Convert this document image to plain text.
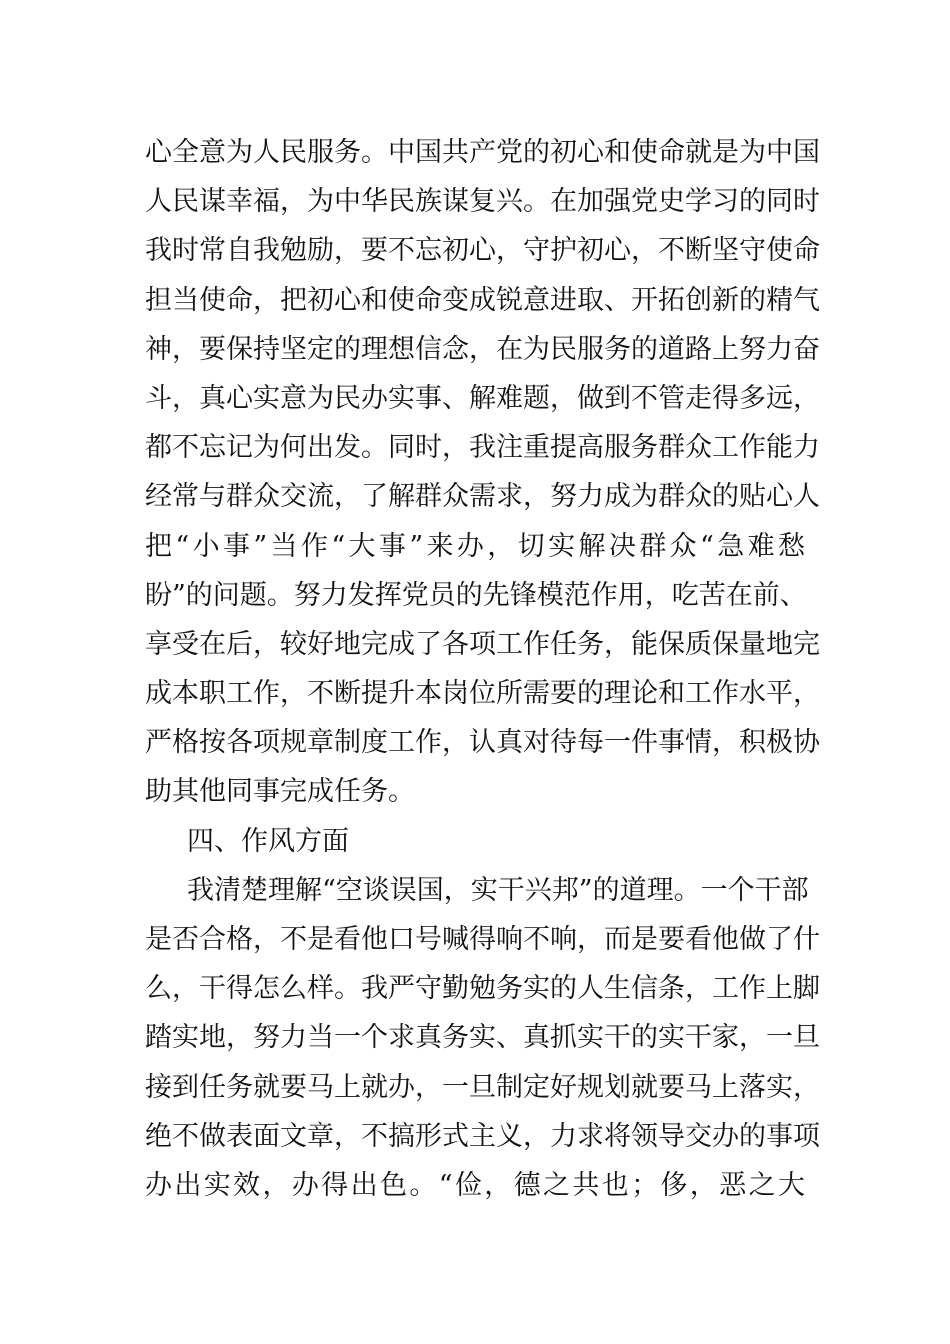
心全意为人民服务。中国共产党的初心和使命就是为中国
人民谋幸福，为中华民族谋复兴。在加强党史学习的同时
我时常自我勉励，要不忘初心，守护初心，不断坚守使命
担当使命，把初心和使命变成锐意进取、开拓创新的精气
神，要保持坚定的理想信念，在为民服务的道路上努力奋
斗，真心实意为民办实事、解难题，做到不管走得多远，
都不忘记为何出发。同时，我注重提高服务群众工作能力
经常与群众交流，了解群众需求，努力成为群众的贴心人
把“小事”当作“大事”来办，切实解决群众“急难愁
盼”的问题。努力发挥党员的先锋模范作用，吃苦在前、
享受在后，较好地完成了各项工作任务，能保质保量地完
成本职工作，不断提升本岗位所需要的理论和工作水平，
严格按各项规章制度工作，认真对待每一件事情，积极协
助其他同事完成任务。
四、作风方面
我清楚理解“空谈误国，实干兴邦”的道理。一个干部
是否合格，不是看他口号喊得响不响，而是要看他做了什
么，干得怎么样。我严守勤勉务实的人生信条，工作上脚
踏实地，努力当一个求真务实、真抓实干的实干家，一旦
接到任务就要马上就办，一旦制定好规划就要马上落实，
绝不做表面文章，不搞形式主义，力求将领导交办的事项
办出实效，办得出色。“俭，德之共也；侈，恶之大
